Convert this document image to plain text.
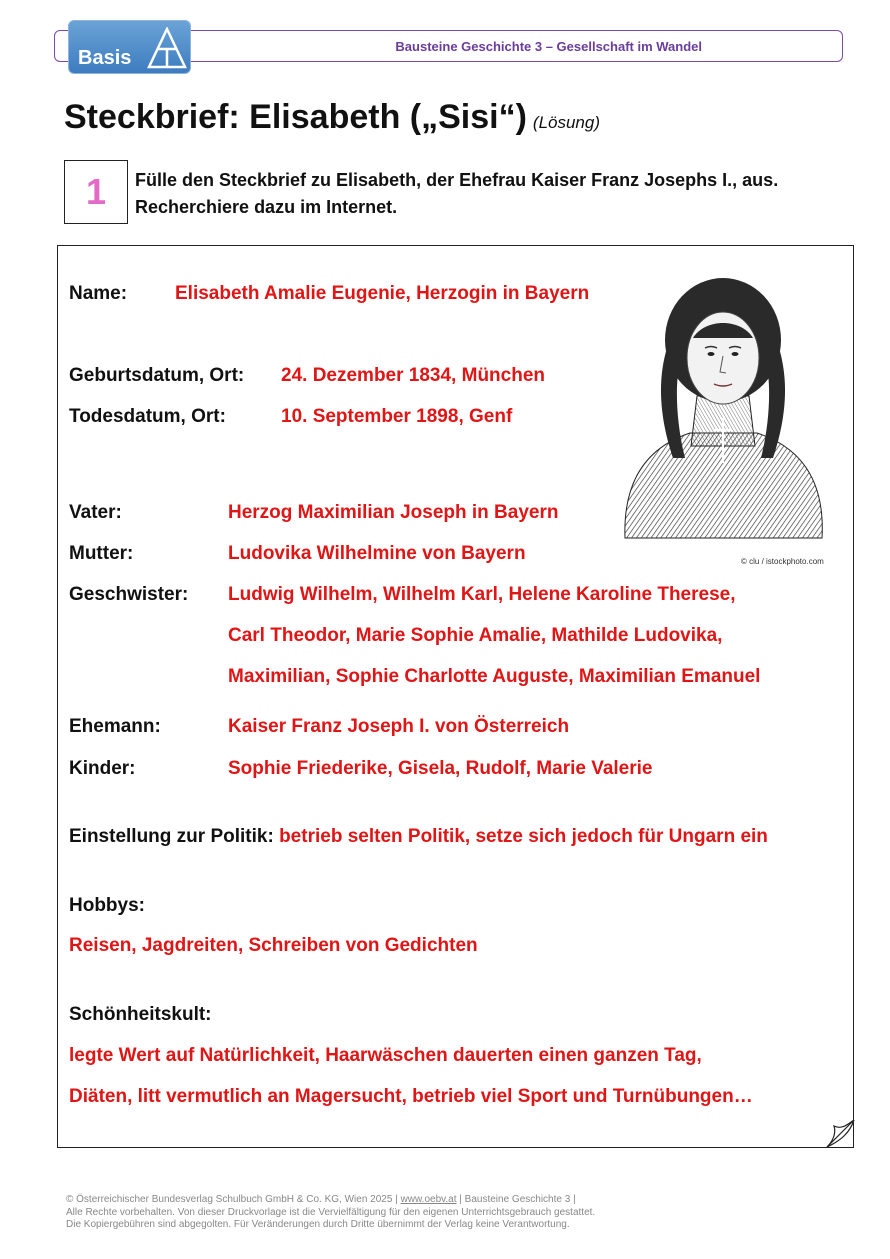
Bausteine Geschichte 3 – Gesellschaft im Wandel
Basis
Steckbrief: Elisabeth („Sisi“) (Lösung)
1 Fülle den Steckbrief zu Elisabeth, der Ehefrau Kaiser Franz Josephs I., aus.
Recherchiere dazu im Internet.
© clu / istockphoto.com
Name:	Elisabeth Amalie Eugenie, Herzogin in Bayern
Geburtsdatum, Ort: 24. Dezember 1834, München
Todesdatum, Ort:	10. September 1898, Genf
Vater:	Herzog Maximilian Joseph in Bayern
Mutter:	Ludovika Wilhelmine von Bayern
Geschwister: Ludwig Wilhelm, Wilhelm Karl, Helene Karoline Therese,
Carl Theodor, Marie Sophie Amalie, Mathilde Ludovika,
Maximilian, Sophie Charlotte Auguste, Maximilian Emanuel
Ehemann:	Kaiser Franz Joseph I. von Österreich
Kinder:	Sophie Friederike, Gisela, Rudolf, Marie Valerie
Einstellung zur Politik: betrieb selten Politik, setze sich jedoch für Ungarn ein
Hobbys:
Reisen, Jagdreiten, Schreiben von Gedichten
Schönheitskult:
legte Wert auf Natürlichkeit, Haarwäschen dauerten einen ganzen Tag,
Diäten, litt vermutlich an Magersucht, betrieb viel Sport und Turnübungen…
© Österreichischer Bundesverlag Schulbuch GmbH & Co. KG, Wien 2025 | www.oebv.at | Bausteine Geschichte 3 |
Alle Rechte vorbehalten. Von dieser Druckvorlage ist die Vervielfältigung für den eigenen Unterrichtsgebrauch gestattet.
Die Kopiergebühren sind abgegolten. Für Veränderungen durch Dritte übernimmt der Verlag keine Verantwortung.
